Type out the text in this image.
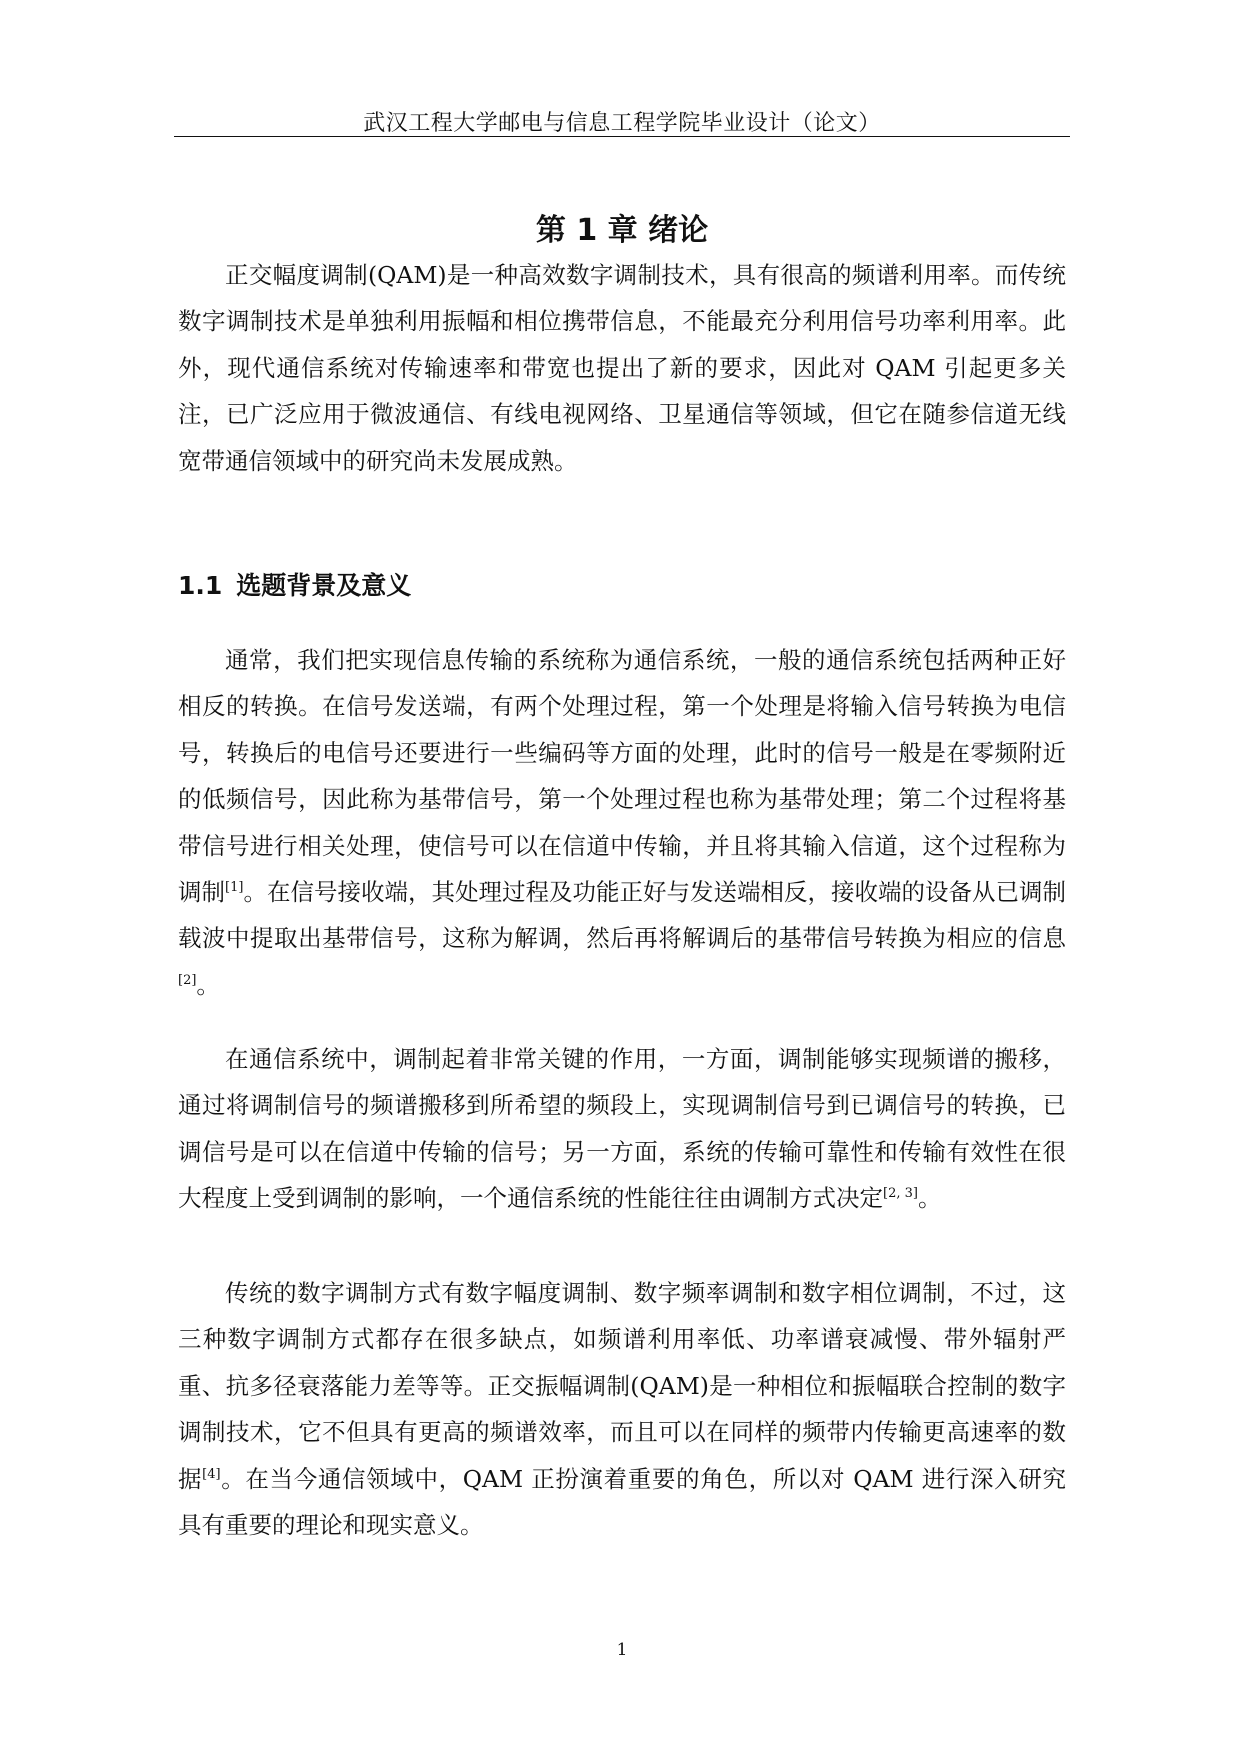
武汉工程大学邮电与信息工程学院毕业设计（论文）
第 1 章 绪论

正交幅度调制(QAM)是一种高效数字调制技术，具有很高的频谱利用率。而传统数字调制技术是单独利用振幅和相位携带信息，不能最充分利用信号功率利用率。此外，现代通信系统对传输速率和带宽也提出了新的要求，因此对 QAM 引起更多关注，已广泛应用于微波通信、有线电视网络、卫星通信等领域，但它在随参信道无线宽带通信领域中的研究尚未发展成熟。

1.1 选题背景及意义

通常，我们把实现信息传输的系统称为通信系统，一般的通信系统包括两种正好相反的转换。在信号发送端，有两个处理过程，第一个处理是将输入信号转换为电信号，转换后的电信号还要进行一些编码等方面的处理，此时的信号一般是在零频附近的低频信号，因此称为基带信号，第一个处理过程也称为基带处理；第二个过程将基带信号进行相关处理，使信号可以在信道中传输，并且将其输入信道，这个过程称为调制[1]。在信号接收端，其处理过程及功能正好与发送端相反，接收端的设备从已调制载波中提取出基带信号，这称为解调，然后再将解调后的基带信号转换为相应的信息[2]。

在通信系统中，调制起着非常关键的作用，一方面，调制能够实现频谱的搬移，通过将调制信号的频谱搬移到所希望的频段上，实现调制信号到已调信号的转换，已调信号是可以在信道中传输的信号；另一方面，系统的传输可靠性和传输有效性在很大程度上受到调制的影响，一个通信系统的性能往往由调制方式决定[2, 3]。

传统的数字调制方式有数字幅度调制、数字频率调制和数字相位调制，不过，这三种数字调制方式都存在很多缺点，如频谱利用率低、功率谱衰减慢、带外辐射严重、抗多径衰落能力差等等。正交振幅调制(QAM)是一种相位和振幅联合控制的数字调制技术，它不但具有更高的频谱效率，而且可以在同样的频带内传输更高速率的数据[4]。在当今通信领域中，QAM 正扮演着重要的角色，所以对 QAM 进行深入研究具有重要的理论和现实意义。

1
